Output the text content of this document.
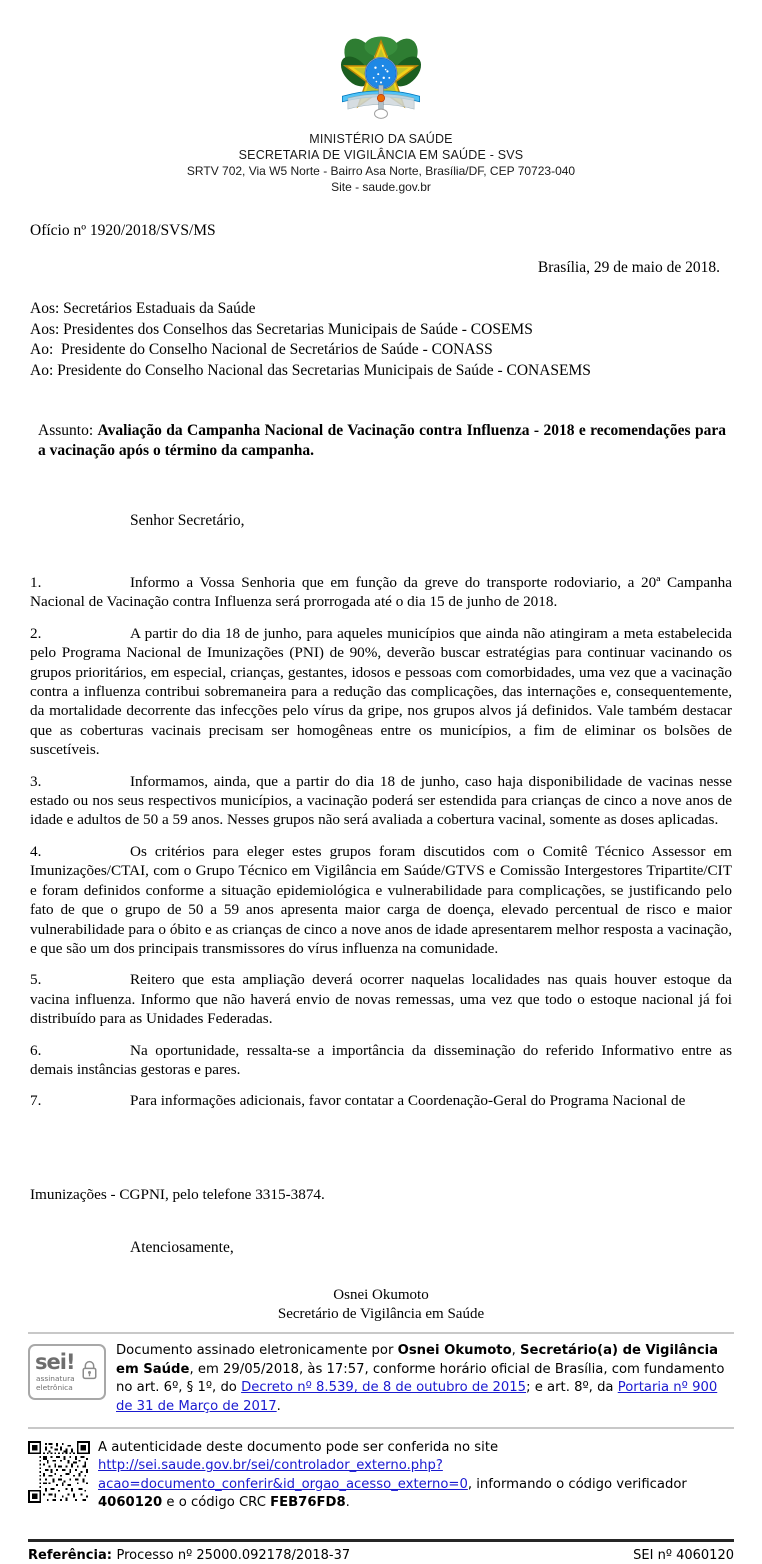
MINISTÉRIO DA SAÚDE
SECRETARIA DE VIGILÂNCIA EM SAÚDE - SVS
SRTV 702, Via W5 Norte - Bairro Asa Norte, Brasília/DF, CEP 70723-040
Site - saude.gov.br
Ofício nº 1920/2018/SVS/MS
Brasília, 29 de maio de 2018.
Aos: Secretários Estaduais da Saúde
Aos: Presidentes dos Conselhos das Secretarias Municipais de Saúde - COSEMS
Ao:  Presidente do Conselho Nacional de Secretários de Saúde - CONASS
Ao: Presidente do Conselho Nacional das Secretarias Municipais de Saúde - CONASEMS
Assunto: Avaliação da Campanha Nacional de Vacinação contra Influenza - 2018 e recomendações para a vacinação após o término da campanha.
Senhor Secretário,
1.	Informo a Vossa Senhoria que em função da greve do transporte rodoviario, a 20ª Campanha Nacional de Vacinação contra Influenza será prorrogada até o dia 15 de junho de 2018.
2.	A partir do dia 18 de junho, para aqueles municípios que ainda não atingiram a meta estabelecida pelo Programa Nacional de Imunizações (PNI) de 90%, deverão buscar estratégias para continuar vacinando os grupos prioritários, em especial, crianças, gestantes, idosos e pessoas com comorbidades, uma vez que a vacinação contra a influenza contribui sobremaneira para a redução das complicações, das internações e, consequentemente, da mortalidade decorrente das infecções pelo vírus da gripe, nos grupos alvos já definidos. Vale também destacar que as coberturas vacinais precisam ser homogêneas entre os municípios, a fim de eliminar os bolsões de suscetíveis.
3.	Informamos, ainda, que a partir do dia 18 de junho, caso haja disponibilidade de vacinas nesse estado ou nos seus respectivos municípios, a vacinação poderá ser estendida para crianças de cinco a nove anos de idade e adultos de 50 a 59 anos. Nesses grupos não será avaliada a cobertura vacinal, somente as doses aplicadas.
4.	Os critérios para eleger estes grupos foram discutidos com o Comitê Técnico Assessor em Imunizações/CTAI, com o Grupo Técnico em Vigilância em Saúde/GTVS e Comissão Intergestores Tripartite/CIT e foram definidos conforme a situação epidemiológica e vulnerabilidade para complicações, se justificando pelo fato de que o grupo de 50 a 59 anos apresenta maior carga de doença, elevado percentual de risco e maior vulnerabilidade para o óbito e as crianças de cinco a nove anos de idade apresentarem melhor resposta a vacinação, e que são um dos principais transmissores do vírus influenza na comunidade.
5.	Reitero que esta ampliação deverá ocorrer naquelas localidades nas quais houver estoque da vacina influenza. Informo que não haverá envio de novas remessas, uma vez que todo o estoque nacional já foi distribuído para as Unidades Federadas.
6.	Na oportunidade, ressalta-se a importância da disseminação do referido Informativo entre as demais instâncias gestoras e pares.
7.	Para informações adicionais, favor contatar a Coordenação-Geral do Programa Nacional de
Imunizações - CGPNI, pelo telefone 3315-3874.
Atenciosamente,
Osnei Okumoto
Secretário de Vigilância em Saúde
sei!
assinatura
eletrônica
Documento assinado eletronicamente por Osnei Okumoto, Secretário(a) de Vigilância em Saúde, em 29/05/2018, às 17:57, conforme horário oficial de Brasília, com fundamento no art. 6º, § 1º, do Decreto nº 8.539, de 8 de outubro de 2015; e art. 8º, da Portaria nº 900 de 31 de Março de 2017.
A autenticidade deste documento pode ser conferida no site http://sei.saude.gov.br/sei/controlador_externo.php?acao=documento_conferir&id_orgao_acesso_externo=0, informando o código verificador 4060120 e o código CRC FEB76FD8.
Referência: Processo nº 25000.092178/2018-37	SEI nº 4060120
